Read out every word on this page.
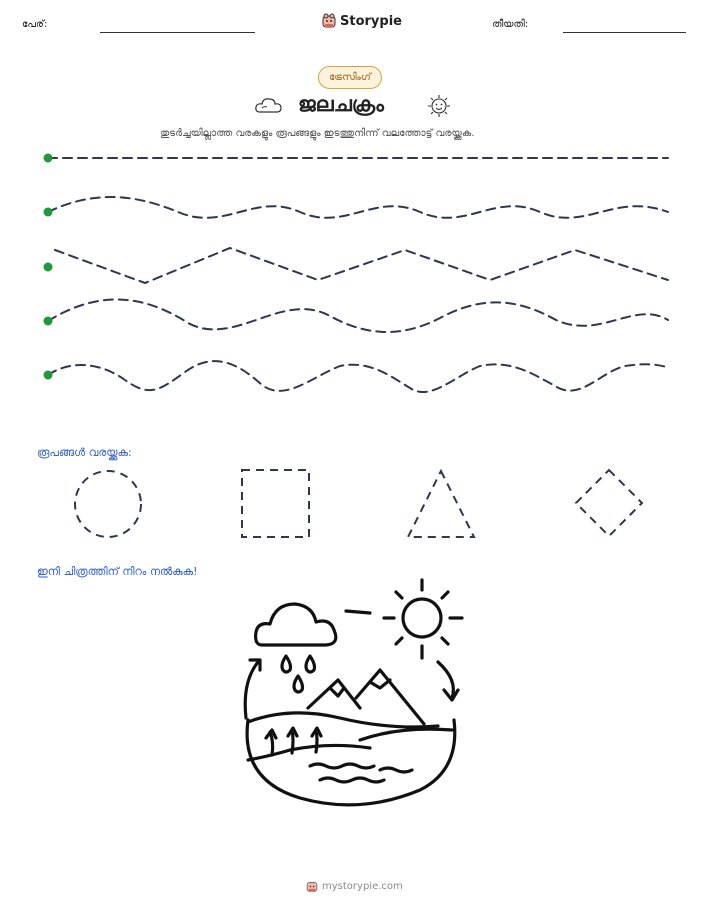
പേര്:	Storypie	തീയതി:
ട്രേസിംഗ്
ജലചക്രം
തുടർച്ചയില്ലാത്ത വരകളും രൂപങ്ങളും ഇടത്തുനിന്ന് വലത്തോട്ട് വരയ്ക്കുക.
രൂപങ്ങൾ വരയ്ക്കുക:
ഇനി ചിത്രത്തിന് നിറം നൽകുക!
mystorypie.com
